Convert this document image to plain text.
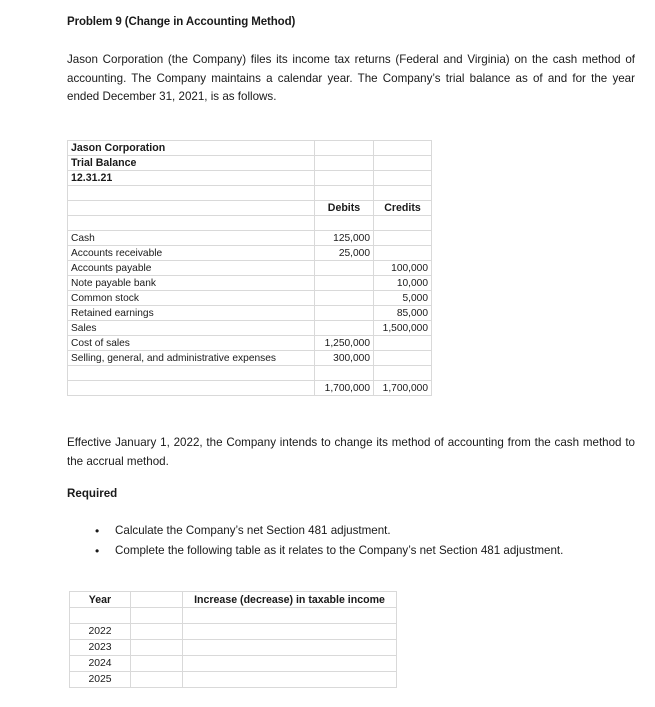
Problem 9 (Change in Accounting Method)
Jason Corporation (the Company) files its income tax returns (Federal and Virginia) on the cash method of accounting. The Company maintains a calendar year. The Company’s trial balance as of and for the year ended December 31, 2021, is as follows.
Jason Corporation		
Trial Balance		
12.31.21		

	Debits	Credits

Cash	125,000	
Accounts receivable	25,000	
Accounts payable		100,000
Note payable bank		10,000
Common stock		5,000
Retained earnings		85,000
Sales		1,500,000
Cost of sales	1,250,000	
Selling, general, and administrative expenses	300,000	

	1,700,000	1,700,000
Effective January 1, 2022, the Company intends to change its method of accounting from the cash method to the accrual method.
Required
• Calculate the Company’s net Section 481 adjustment.
• Complete the following table as it relates to the Company’s net Section 481 adjustment.
Year		Increase (decrease) in taxable income

2022		
2023		
2024		
2025		
